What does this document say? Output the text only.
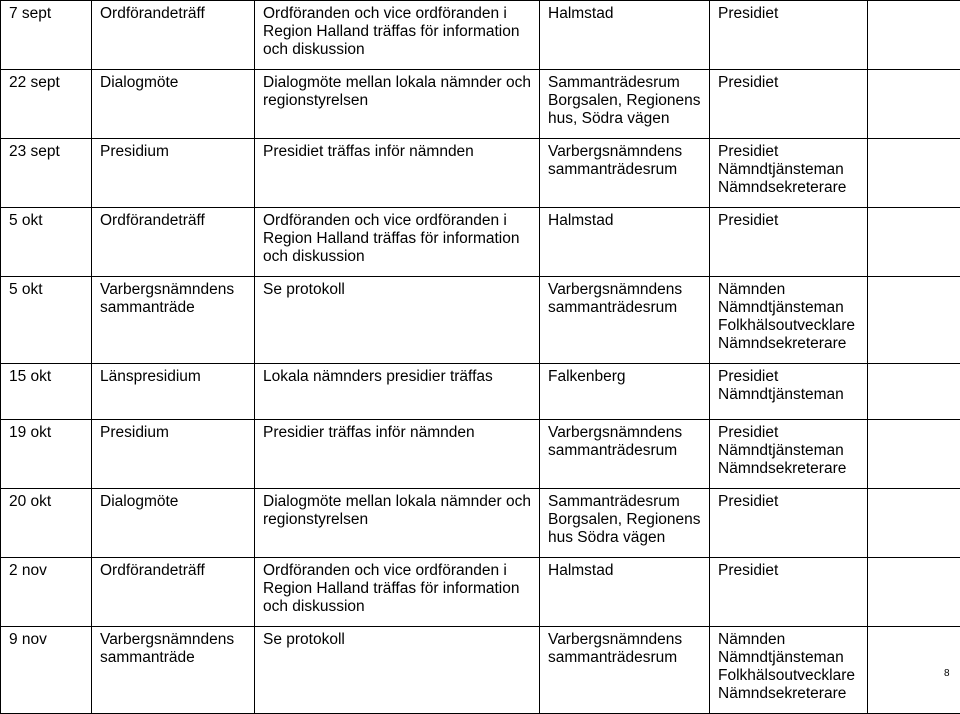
7 sept	Ordförandeträff	Ordföranden och vice ordföranden i
Region Halland träffas för information
och diskussion	Halmstad	Presidiet	

22 sept	Dialogmöte	Dialogmöte mellan lokala nämnder och
regionstyrelsen	Sammanträdesrum
Borgsalen, Regionens
hus, Södra vägen	Presidiet	

23 sept	Presidium	Presidiet träffas inför nämnden	Varbergsnämndens
sammanträdesrum	Presidiet
Nämndtjänsteman
Nämndsekreterare	

5 okt	Ordförandeträff	Ordföranden och vice ordföranden i
Region Halland träffas för information
och diskussion	Halmstad	Presidiet	

5 okt	Varbergsnämndens sammanträde	Se protokoll	Varbergsnämndens
sammanträdesrum	Nämnden
Nämndtjänsteman
Folkhälsoutvecklare
Nämndsekreterare	

15 okt	Länspresidium	Lokala nämnders presidier träffas	Falkenberg	Presidiet
Nämndtjänsteman	

19 okt	Presidium	Presidier träffas inför nämnden	Varbergsnämndens
sammanträdesrum	Presidiet
Nämndtjänsteman
Nämndsekreterare	

20 okt	Dialogmöte	Dialogmöte mellan lokala nämnder och
regionstyrelsen	Sammanträdesrum
Borgsalen, Regionens
hus Södra vägen	Presidiet	

2 nov	Ordförandeträff	Ordföranden och vice ordföranden i
Region Halland träffas för information
och diskussion	Halmstad	Presidiet	

9 nov	Varbergsnämndens sammanträde	Se protokoll	Varbergsnämndens
sammanträdesrum	Nämnden
Nämndtjänsteman
Folkhälsoutvecklare
Nämndsekreterare	

8
